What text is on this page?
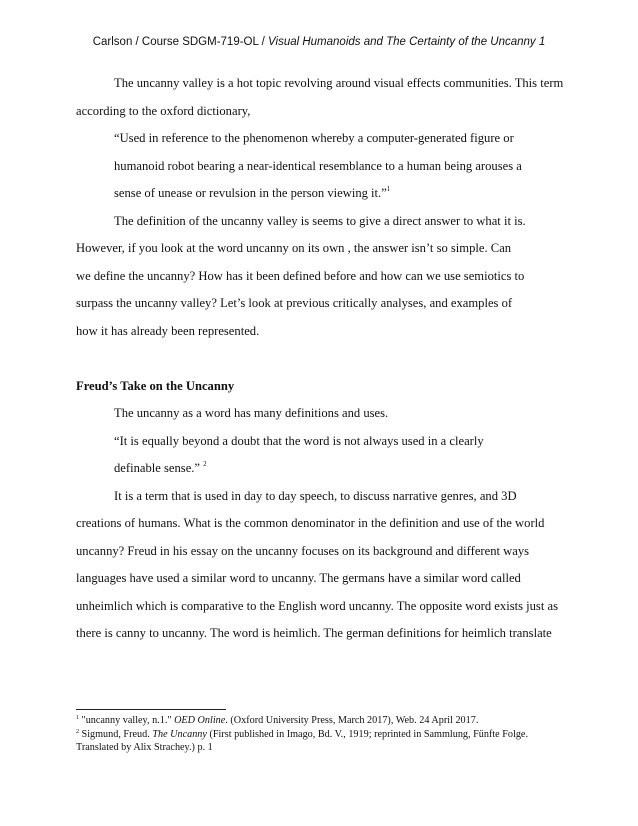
Carlson / Course SDGM-719-OL / Visual Humanoids and The Certainty of the Uncanny 1
The uncanny valley is a hot topic revolving around visual effects communities. This term
according to the oxford dictionary,
“Used in reference to the phenomenon whereby a computer-generated figure or
humanoid robot bearing a near-identical resemblance to a human being arouses a
sense of unease or revulsion in the person viewing it.”$^1$
The definition of the uncanny valley is seems to give a direct answer to what it is.
However, if you look at the word uncanny on its own , the answer isn’t so simple. Can
we define the uncanny? How has it been defined before and how can we use semiotics to
surpass the uncanny valley? Let’s look at previous critically analyses, and examples of
how it has already been represented.
Freud’s Take on the Uncanny
The uncanny as a word has many definitions and uses.
“It is equally beyond a doubt that the word is not always used in a clearly
definable sense.” $^2$
It is a term that is used in day to day speech, to discuss narrative genres, and 3D
creations of humans. What is the common denominator in the definition and use of the world
uncanny? Freud in his essay on the uncanny focuses on its background and different ways
languages have used a similar word to uncanny. The germans have a similar word called
unheimlich which is comparative to the English word uncanny. The opposite word exists just as
there is canny to uncanny. The word is heimlich. The german definitions for heimlich translate
$^1$ "uncanny valley, n.1." OED Online. (Oxford University Press, March 2017), Web. 24 April 2017.
$^2$ Sigmund, Freud. The Uncanny (First published in Imago, Bd. V., 1919; reprinted in Sammlung, Fünfte Folge.
Translated by Alix Strachey.) p. 1
